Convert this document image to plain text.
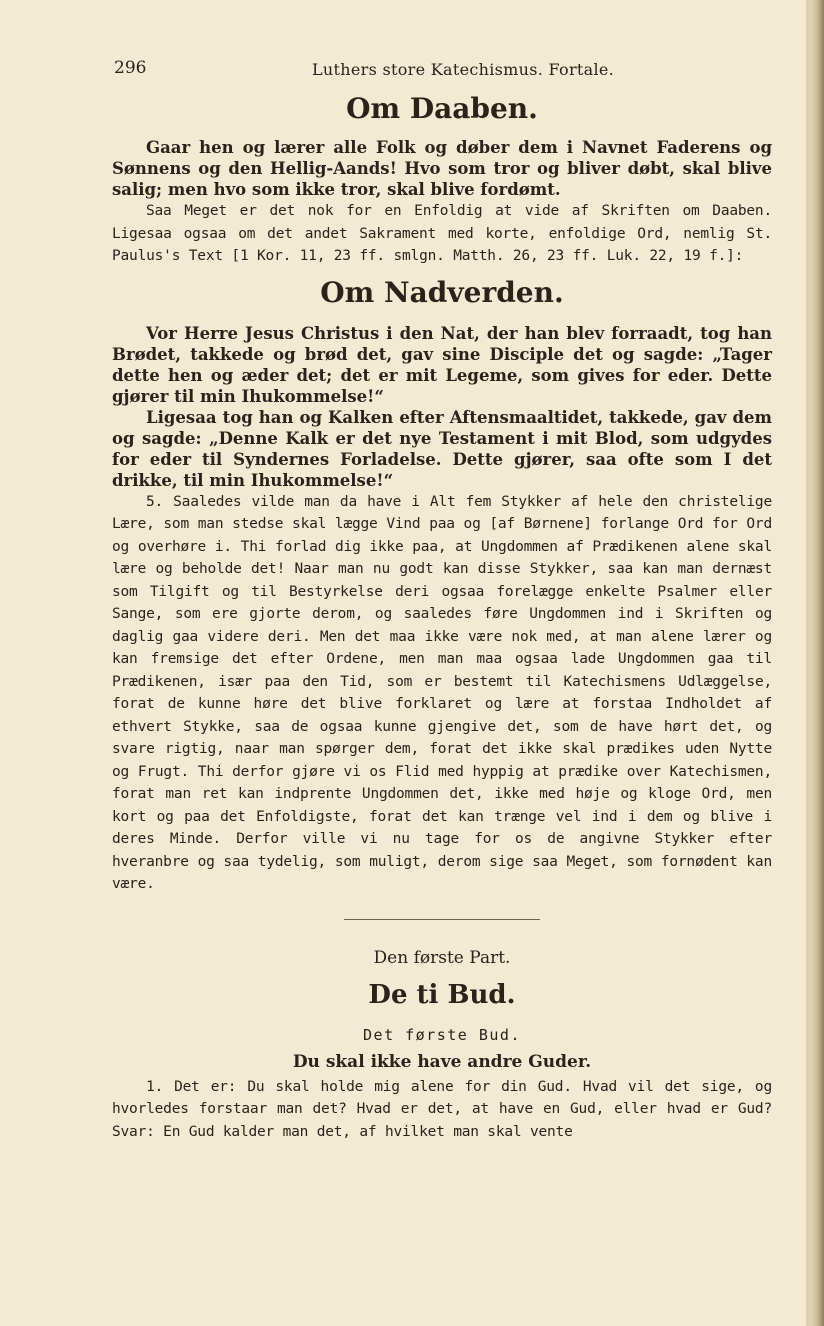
296	Luthers store Katechismus. Fortale.
Om Daaben.

Gaar hen og lærer alle Folk og døber dem i Navnet Faderens og Sønnens og den Hellig-Aands! Hvo som tror og bliver døbt, skal blive salig; men hvo som ikke tror, skal blive fordømt.

Saa Meget er det nok for en Enfoldig at vide af Skriften om Daaben. Ligesaa ogsaa om det andet Sakrament med korte, enfoldige Ord, nemlig St. Paulus's Text [1 Kor. 11, 23 ff. smlgn. Matth. 26, 23 ff. Luk. 22, 19 f.]:

Om Nadverden.

Vor Herre Jesus Christus i den Nat, der han blev forraadt, tog han Brødet, takkede og brød det, gav sine Disciple det og sagde: „Tager dette hen og æder det; det er mit Legeme, som gives for eder. Dette gjører til min Ihukommelse!“

Ligesaa tog han og Kalken efter Aftensmaaltidet, takkede, gav dem og sagde: „Denne Kalk er det nye Testament i mit Blod, som udgydes for eder til Syndernes Forladelse. Dette gjører, saa ofte som I det drikke, til min Ihukommelse!“

5. Saaledes vilde man da have i Alt fem Stykker af hele den christelige Lære, som man stedse skal lægge Vind paa og [af Børnene] forlange Ord for Ord og overhøre i. Thi forlad dig ikke paa, at Ungdommen af Prædikenen alene skal lære og beholde det! Naar man nu godt kan disse Stykker, saa kan man dernæst som Tilgift og til Bestyrkelse deri ogsaa forelægge enkelte Psalmer eller Sange, som ere gjorte derom, og saaledes føre Ungdommen ind i Skriften og daglig gaa videre deri. Men det maa ikke være nok med, at man alene lærer og kan fremsige det efter Ordene, men man maa ogsaa lade Ungdommen gaa til Prædikenen, især paa den Tid, som er bestemt til Katechismens Udlæggelse, forat de kunne høre det blive forklaret og lære at forstaa Indholdet af ethvert Stykke, saa de ogsaa kunne gjengive det, som de have hørt det, og svare rigtig, naar man spørger dem, forat det ikke skal prædikes uden Nytte og Frugt. Thi derfor gjøre vi os Flid med hyppig at prædike over Katechismen, forat man ret kan indprente Ungdommen det, ikke med høje og kloge Ord, men kort og paa det Enfoldigste, forat det kan trænge vel ind i dem og blive i deres Minde. Derfor ville vi nu tage for os de angivne Stykker efter hveranbre og saa tydelig, som muligt, derom sige saa Meget, som fornødent kan være.

Den første Part.
De ti Bud.
Det første Bud.
Du skal ikke have andre Guder.

1. Det er: Du skal holde mig alene for din Gud. Hvad vil det sige, og hvorledes forstaar man det? Hvad er det, at have en Gud, eller hvad er Gud? Svar: En Gud kalder man det, af hvilket man skal vente
